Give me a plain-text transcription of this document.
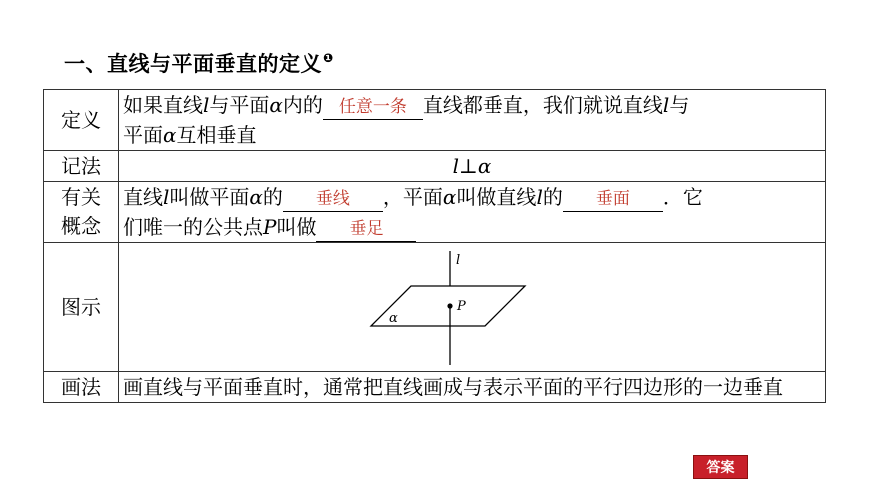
一、直线与平面垂直的定义$^❶$
定义	如果直线l与平面α内的 任意一条 直线都垂直，我们就说直线l与
平面α互相垂直
记法	l⊥α
有关
概念	直线l叫做平面α的 垂线 ，平面α叫做直线l的 垂面 ．它
们唯一的公共点P叫做 垂足
图示	l
P
α

画法	画直线与平面垂直时，通常把直线画成与表示平面的平行四边形的一边垂直
答案
